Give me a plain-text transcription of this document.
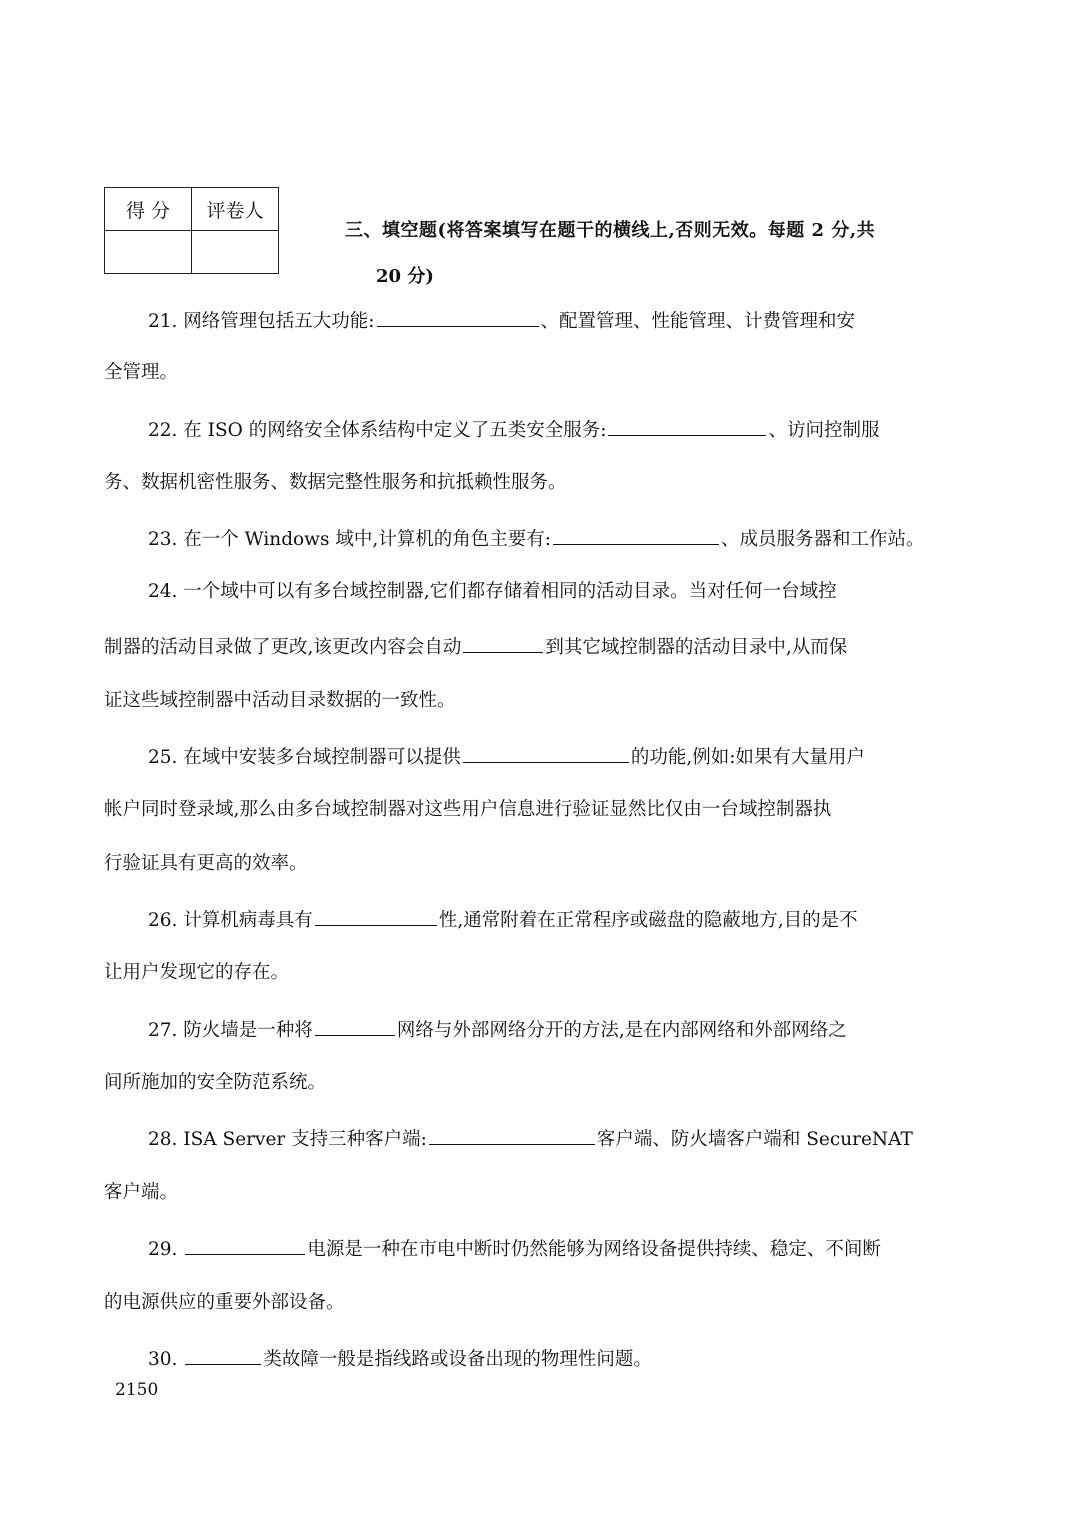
得 分	评卷人

三、填空题(将答案填写在题干的横线上,否则无效。每题 2 分,共
20 分)
21. 网络管理包括五大功能:	、配置管理、性能管理、计费管理和安
全管理。
22. 在 ISO 的网络安全体系结构中定义了五类安全服务:	、访问控制服
务、数据机密性服务、数据完整性服务和抗抵赖性服务。
23. 在一个 Windows 域中,计算机的角色主要有:	、成员服务器和工作站。
24. 一个域中可以有多台域控制器,它们都存储着相同的活动目录。当对任何一台域控
制器的活动目录做了更改,该更改内容会自动	到其它域控制器的活动目录中,从而保
证这些域控制器中活动目录数据的一致性。
25. 在域中安装多台域控制器可以提供	的功能,例如:如果有大量用户
帐户同时登录域,那么由多台域控制器对这些用户信息进行验证显然比仅由一台域控制器执
行验证具有更高的效率。
26. 计算机病毒具有	性,通常附着在正常程序或磁盘的隐蔽地方,目的是不
让用户发现它的存在。
27. 防火墙是一种将	网络与外部网络分开的方法,是在内部网络和外部网络之
间所施加的安全防范系统。
28. ISA Server 支持三种客户端:	客户端、防火墙客户端和 SecureNAT
客户端。
29.	电源是一种在市电中断时仍然能够为网络设备提供持续、稳定、不间断
的电源供应的重要外部设备。
30.	类故障一般是指线路或设备出现的物理性问题。
2150
